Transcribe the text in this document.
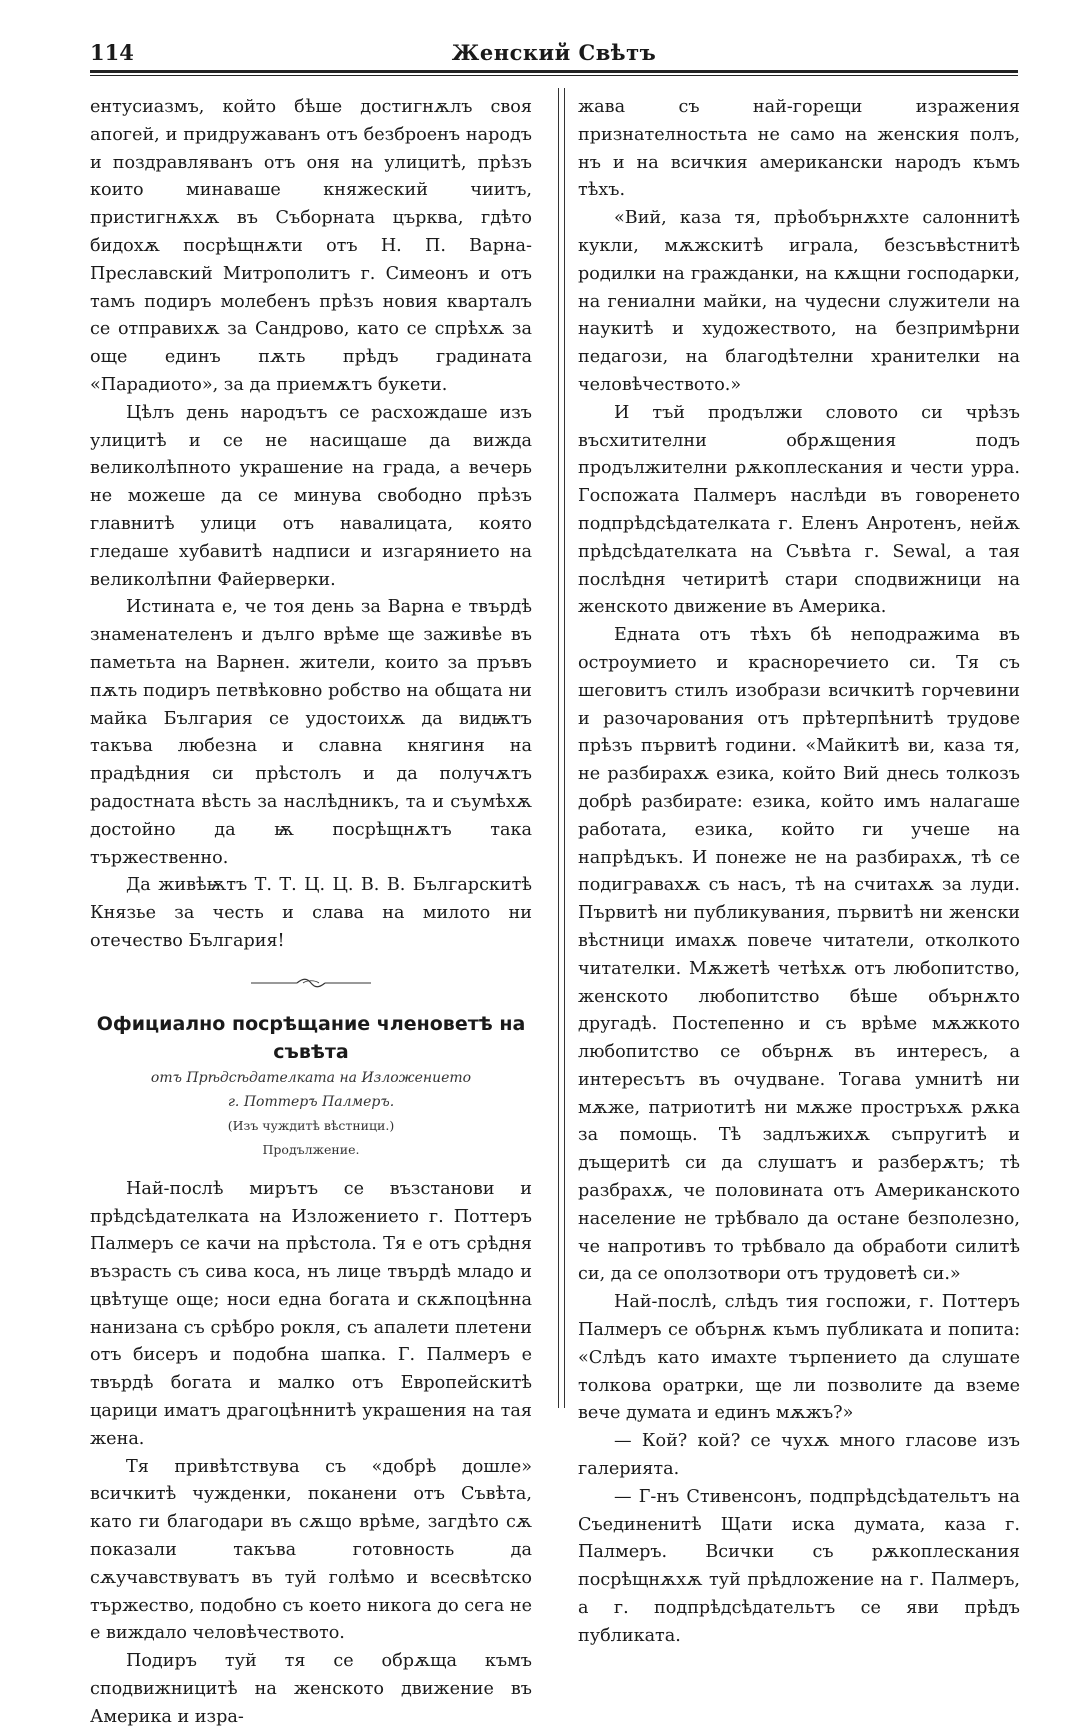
114	Женский Свѣтъ

ентусиазмъ, който бѣше достигнѫлъ своя апогей, и придружаванъ отъ безброенъ народъ и поздравляванъ отъ оня на улицитѣ, прѣзъ които минаваше княжеский чиитъ, пристигнѫхѫ въ Съборната църква, гдѣто бидохѫ посрѣщнѫти отъ Н. П. Варна-Преславский Митрополитъ г. Симеонъ и отъ тамъ подиръ молебенъ прѣзъ новия кварталъ се отправихѫ за Сандрово, като се спрѣхѫ за още единъ пѫть прѣдъ градината «Парадиото», за да приемѫтъ букети.

Цѣлъ день народътъ се расхождаше изъ улицитѣ и се не насищаше да вижда великолѣпното украшение на града, а вечерь не можеше да се минува свободно прѣзъ главнитѣ улици отъ навалицата, която гледаше хубавитѣ надписи и изгарянието на великолѣпни Файерверки.

Истината е, че тоя день за Варна е твърдѣ знаменателенъ и дълго врѣме ще заживѣе въ паметьта на Варнен. жители, които за пръвъ пѫть подиръ петвѣковно робство на общата ни майка България се удостоихѫ да видѭтъ такъва любезна и славна княгиня на прадѣдния си прѣстолъ и да получѫтъ радостната вѣсть за наслѣдникъ, та и съумѣхѫ достойно да ѭ посрѣщнѫтъ така тържественно.

Да живѣѭтъ Т. Т. Ц. Ц. В. В. Българскитѣ Князье за честь и слава на милото ни отечество България!

Официално посрѣщание членоветѣ на съвѣта
отъ Прѣдсѣдателката на Изложението
г. Поттеръ Палмеръ.
(Изъ чуждитѣ вѣстници.)
Продължение.

Най-послѣ мирътъ се възстанови и прѣдсѣдателката на Изложението г. Поттеръ Палмеръ се качи на прѣстола. Тя е отъ срѣдня възрасть съ сива коса, нъ лице твърдѣ младо и цвѣтуще още; носи една богата и скѫпоцѣнна нанизана съ срѣбро рокля, съ апалети плетени отъ бисеръ и подобна шапка. Г. Палмеръ е твърдѣ богата и малко отъ Европейскитѣ царици иматъ драгоцѣннитѣ украшения на тая жена.

Тя привѣтствува съ «добрѣ дошле» всичкитѣ чужденки, поканени отъ Съвѣта, като ги благодари въ сѫщо врѣме, загдѣто сѫ показали такъва готовность да сѫучавствуватъ въ туй голѣмо и всесвѣтско тържество, подобно съ което никога до сега не е виждало человѣчеството.

Подиръ туй тя се обрѫща къмъ сподвижницитѣ на женското движение въ Америка и изра-

жава съ най-горещи изражения признателностьта не само на женския полъ, нъ и на всичкия американски народъ къмъ тѣхъ.

«Вий, каза тя, прѣобърнѫхте салоннитѣ кукли, мѫжскитѣ играла, безсъвѣстнитѣ родилки на гражданки, на кѫщни господарки, на гениални майки, на чудесни служители на наукитѣ и художеството, на безпримѣрни педагози, на благодѣтелни хранителки на человѣчеството.»

И тъй продължи словото си чрѣзъ въсхитителни обрѫщения подъ продължителни рѫкоплескания и чести урра. Госпожата Палмеръ наслѣди въ говоренето подпрѣдсѣдателката г. Еленъ Анротенъ, нейѫ прѣдсѣдателката на Съвѣта г. Sewal, а тая послѣдня четиритѣ стари сподвижници на женското движение въ Америка.

Едната отъ тѣхъ бѣ неподражима въ остроумието и красноречието си. Тя съ шеговитъ стилъ изобрази всичкитѣ горчевини и разочарования отъ прѣтерпѣнитѣ трудове прѣзъ първитѣ години. «Майкитѣ ви, каза тя, не разбирахѫ езика, който Вий днесь толкозъ добрѣ разбирате: езика, който имъ налагаше работата, езика, който ги учеше на напрѣдъкъ. И понеже не на разбирахѫ, тѣ се подигравахѫ съ насъ, тѣ на считахѫ за луди. Първитѣ ни публикувания, първитѣ ни женски вѣстници имахѫ повече читатели, отколкото читателки. Мѫжетѣ четѣхѫ отъ любопитство, женското любопитство бѣше обърнѫто другадѣ. Постепенно и съ врѣме мѫжкото любопитство се обърнѫ въ интересъ, а интересътъ въ очудване. Тогава умнитѣ ни мѫже, патриотитѣ ни мѫже простръхѫ рѫка за помощь. Тѣ задлъжихѫ съпругитѣ и дъщеритѣ си да слушатъ и разберѫтъ; тѣ разбрахѫ, че половината отъ Американското население не трѣбвало да остане безполезно, че напротивъ то трѣбвало да обработи силитѣ си, да се оползотвори отъ трудоветѣ си.»

Най-послѣ, слѣдъ тия госпожи, г. Поттеръ Палмеръ се обърнѫ къмъ публиката и попита: «Слѣдъ като имахте търпението да слушате толкова оратрки, ще ли позволите да вземе вече думата и единъ мѫжъ?»

— Кой? кой? се чухѫ много гласове изъ галерията.

— Г-нъ Стивенсонъ, подпрѣдсѣдательтъ на Съединенитѣ Щати иска думата, каза г. Палмеръ. Всички съ рѫкоплескания посрѣщнѫхѫ туй прѣдложение на г. Палмеръ, а г. подпрѣдсѣдательтъ се яви прѣдъ публиката.
